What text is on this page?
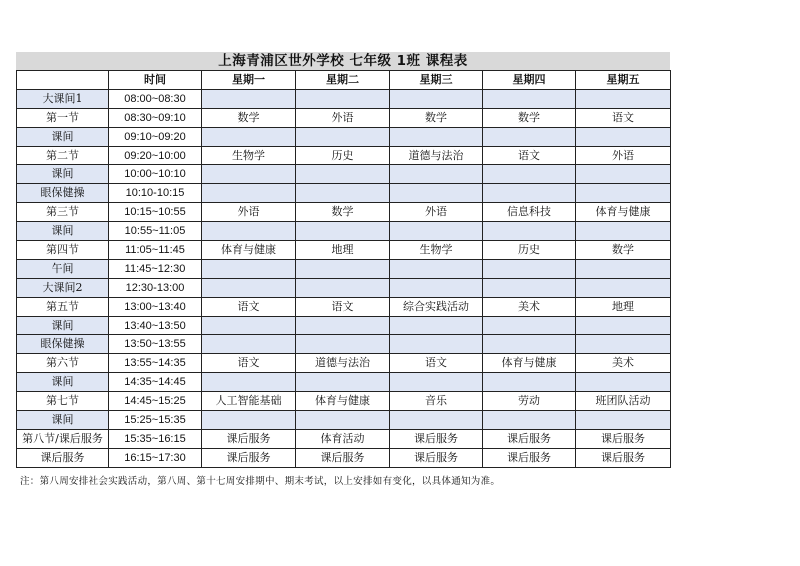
上海青浦区世外学校 七年级 1班 课程表
	时间	星期一	星期二	星期三	星期四	星期五
大课间1	08:00~08:30					
第一节	08:30~09:10	数学	外语	数学	数学	语文
课间	09:10~09:20					
第二节	09:20~10:00	生物学	历史	道德与法治	语文	外语
课间	10:00~10:10					
眼保健操	10:10-10:15					
第三节	10:15~10:55	外语	数学	外语	信息科技	体育与健康
课间	10:55~11:05					
第四节	11:05~11:45	体育与健康	地理	生物学	历史	数学
午间	11:45~12:30					
大课间2	12:30-13:00					
第五节	13:00~13:40	语文	语文	综合实践活动	美术	地理
课间	13:40~13:50					
眼保健操	13:50~13:55					
第六节	13:55~14:35	语文	道德与法治	语文	体育与健康	美术
课间	14:35~14:45					
第七节	14:45~15:25	人工智能基础	体育与健康	音乐	劳动	班团队活动
课间	15:25~15:35					
第八节/课后服务	15:35~16:15	课后服务	体育活动	课后服务	课后服务	课后服务
课后服务	16:15~17:30	课后服务	课后服务	课后服务	课后服务	课后服务
注：第八周安排社会实践活动，第八周、第十七周安排期中、期末考试，以上安排如有变化，以具体通知为准。
